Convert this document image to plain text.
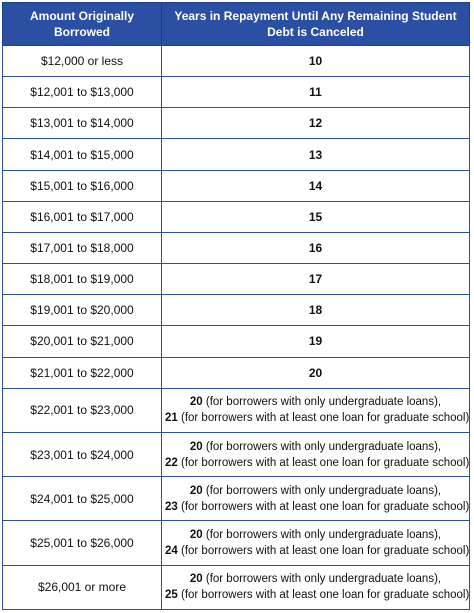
Amount Originally Borrowed	Years in Repayment Until Any Remaining Student Debt is Canceled
$12,000 or less	10
$12,001 to $13,000	11
$13,001 to $14,000	12
$14,001 to $15,000	13
$15,001 to $16,000	14
$16,001 to $17,000	15
$17,001 to $18,000	16
$18,001 to $19,000	17
$19,001 to $20,000	18
$20,001 to $21,000	19
$21,001 to $22,000	20
$22,001 to $23,000	20 (for borrowers with only undergraduate loans),
21 (for borrowers with at least one loan for graduate school)

$23,001 to $24,000	20 (for borrowers with only undergraduate loans),
22 (for borrowers with at least one loan for graduate school)

$24,001 to $25,000	20 (for borrowers with only undergraduate loans),
23 (for borrowers with at least one loan for graduate school)

$25,001 to $26,000	20 (for borrowers with only undergraduate loans),
24 (for borrowers with at least one loan for graduate school)

$26,001 or more	20 (for borrowers with only undergraduate loans),
25 (for borrowers with at least one loan for graduate school)
